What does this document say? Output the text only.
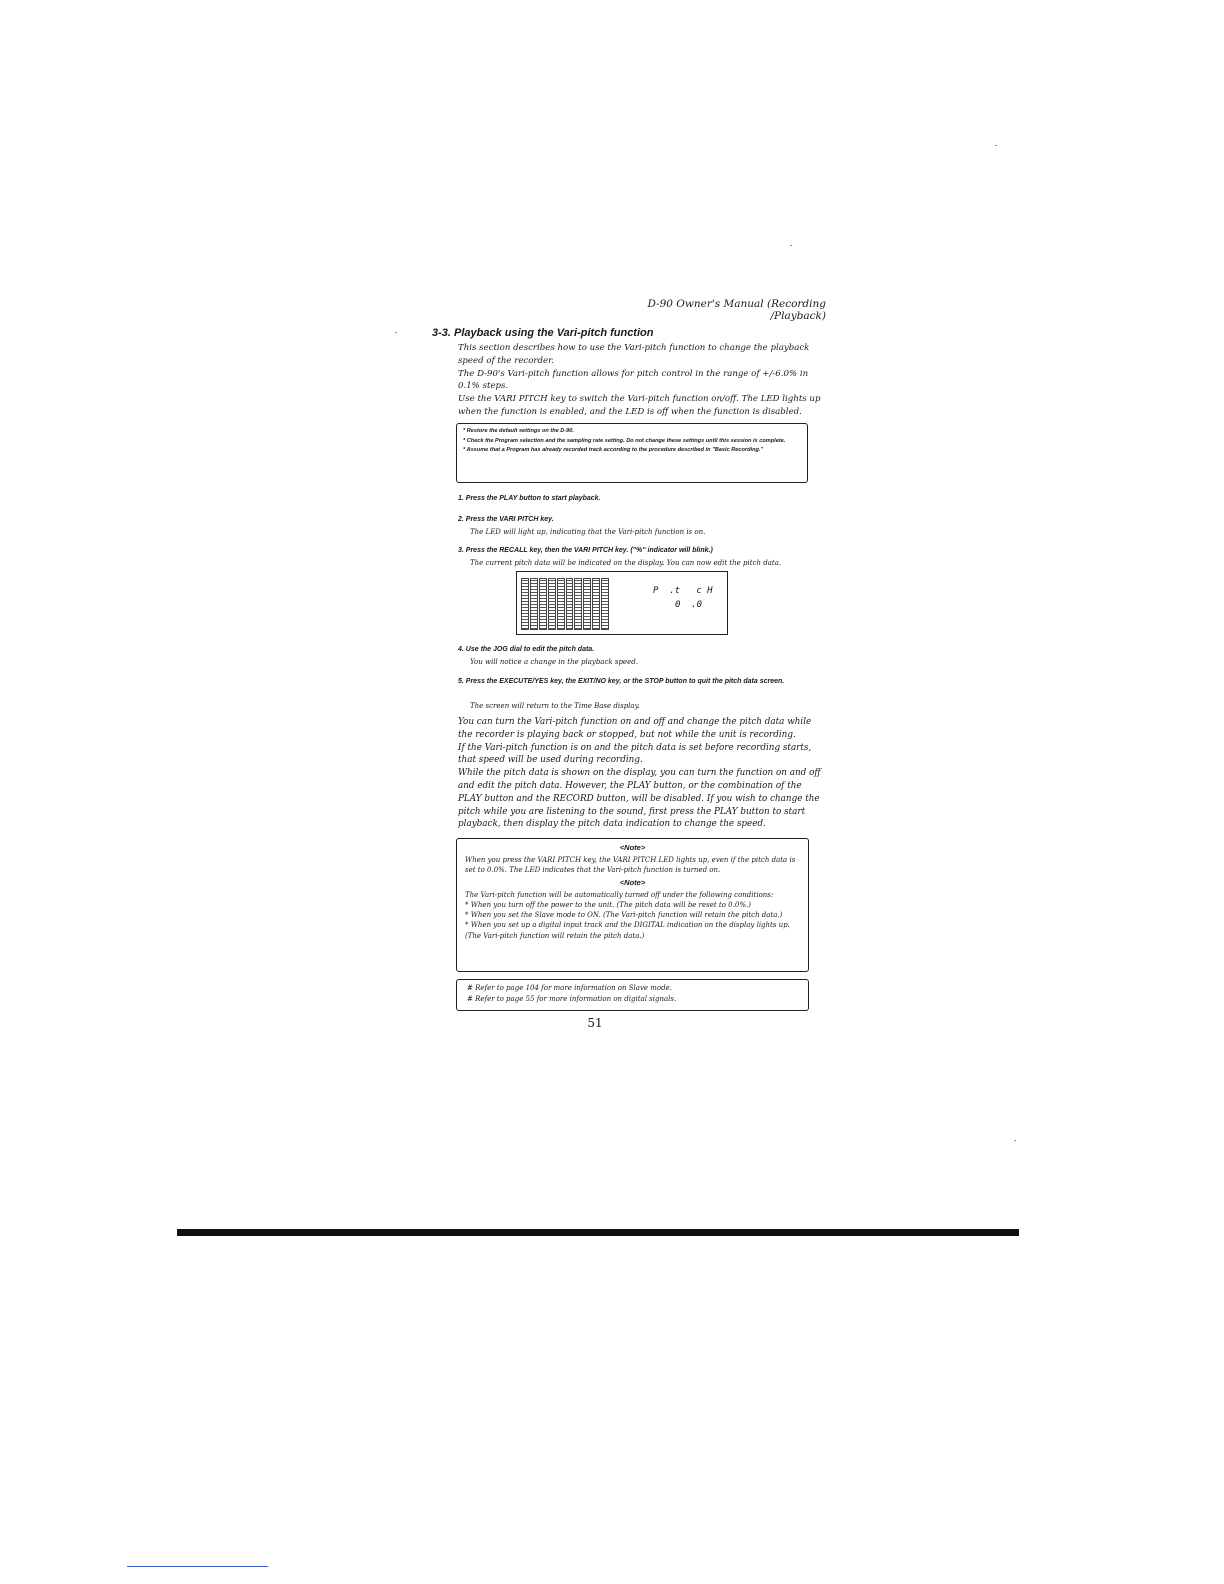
D-90 Owner's Manual (Recording /Playback)
3-3. Playback using the Vari-pitch function

This section describes how to use the Vari-pitch function to change the playback speed of the recorder.

The D-90's Vari-pitch function allows for pitch control in the range of +/-6.0% in 0.1% steps.

Use the VARI PITCH key to switch the Vari-pitch function on/off. The LED lights up when the function is enabled, and the LED is off when the function is disabled.

* Restore the default settings on the D-90.

* Check the Program selection and the sampling rate setting. Do not change these settings until this session is complete.

* Assume that a Program has already recorded track according to the procedure described in "Basic Recording."

1. Press the PLAY button to start playback.
2. Press the VARI PITCH key.
The LED will light up, indicating that the Vari-pitch function is on.
3. Press the RECALL key, then the VARI PITCH key. ("%" indicator will blink.)
The current pitch data will be indicated on the display. You can now edit the pitch data.
P  .t   c H
0  .0
4. Use the JOG dial to edit the pitch data.
You will notice a change in the playback speed.
5. Press the EXECUTE/YES key, the EXIT/NO key, or the STOP button to quit the pitch data screen.
The screen will return to the Time Base display.

You can turn the Vari-pitch function on and off and change the pitch data while the recorder is playing back or stopped, but not while the unit is recording.

If the Vari-pitch function is on and the pitch data is set before recording starts, that speed will be used during recording.

While the pitch data is shown on the display, you can turn the function on and off and edit the pitch data. However, the PLAY button, or the combination of the PLAY button and the RECORD button, will be disabled. If you wish to change the pitch while you are listening to the sound, first press the PLAY button to start playback, then display the pitch data indication to change the speed.

<Note>

When you press the VARI PITCH key, the VARI PITCH LED lights up, even if the pitch data is set to 0.0%. The LED indicates that the Vari-pitch function is turned on.

<Note>

The Vari-pitch function will be automatically turned off under the following conditions:

* When you turn off the power to the unit. (The pitch data will be reset to 0.0%.)

* When you set the Slave mode to ON. (The Vari-pitch function will retain the pitch data.)

* When you set up a digital input track and the DIGITAL indication on the display lights up. (The Vari-pitch function will retain the pitch data.)

# Refer to page 104 for more information on Slave mode.

# Refer to page 55 for more information on digital signals.

51
